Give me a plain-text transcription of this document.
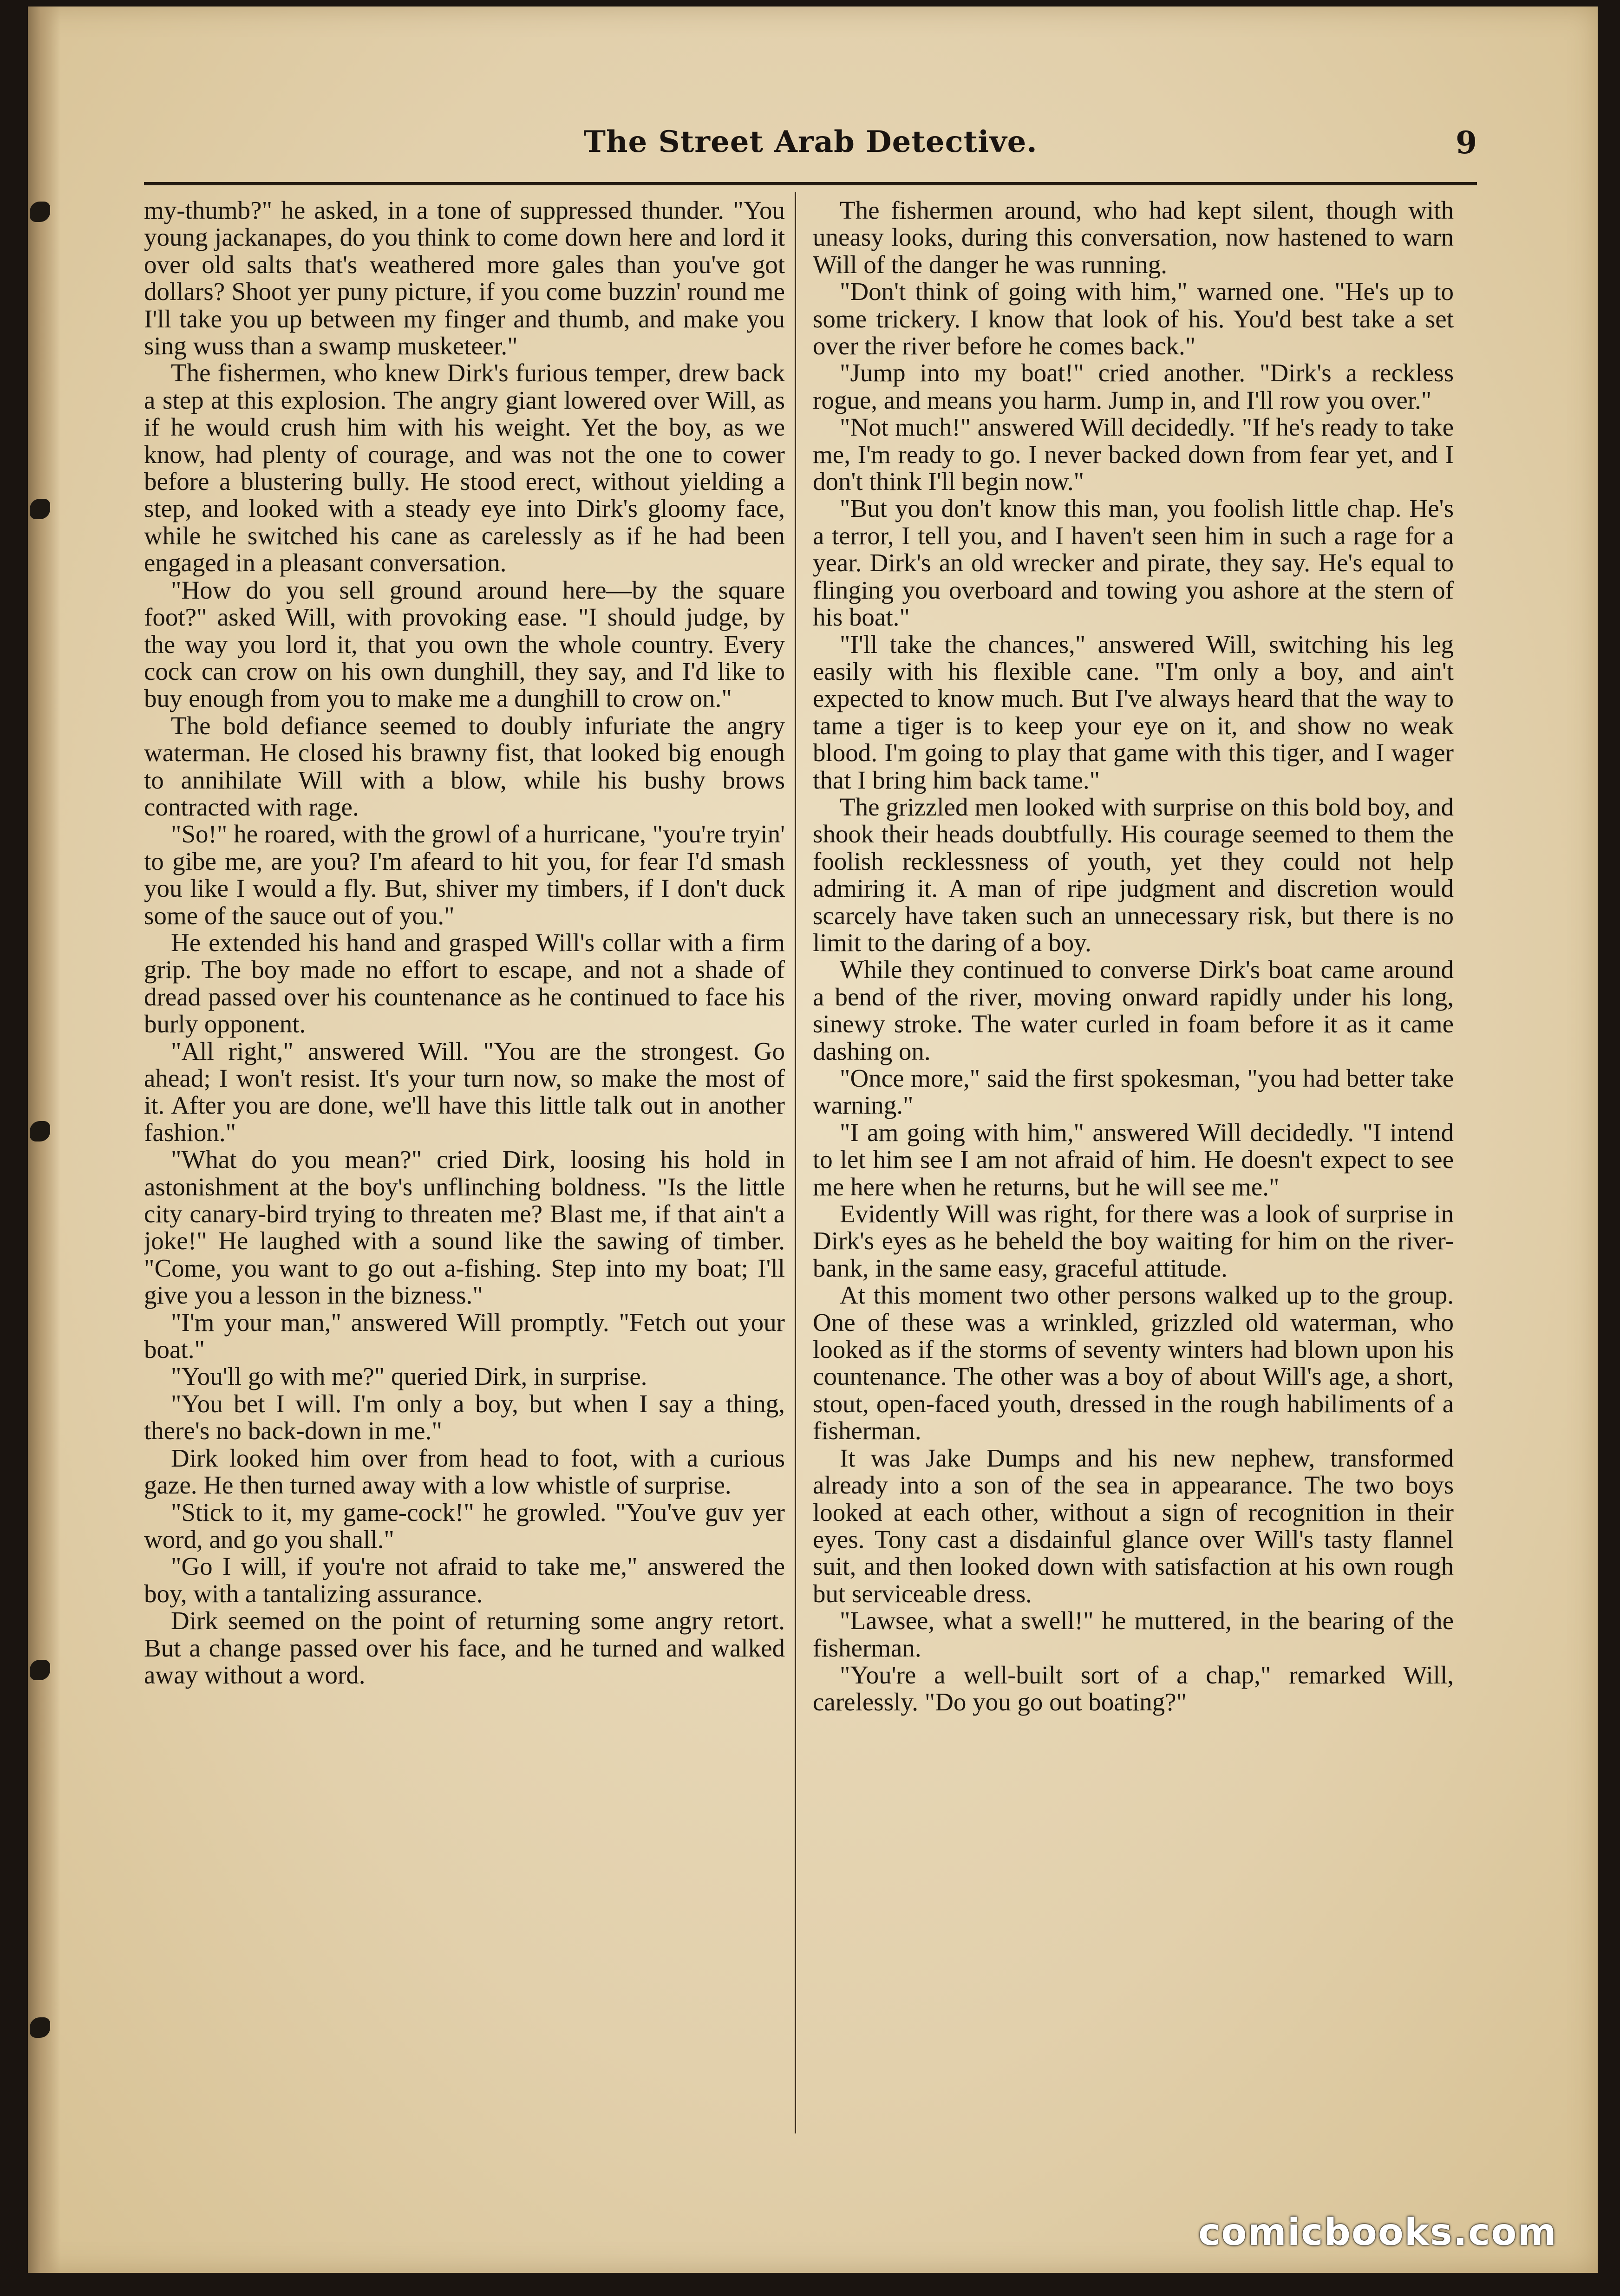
The Street Arab Detective.	9

my-thumb?" he asked, in a tone of suppressed thunder. "You young jackanapes, do you think to come down here and lord it over old salts that's weathered more gales than you've got dollars? Shoot yer puny picture, if you come buzzin' round me I'll take you up between my finger and thumb, and make you sing wuss than a swamp musketeer."

The fishermen, who knew Dirk's furious temper, drew back a step at this explosion. The angry giant lowered over Will, as if he would crush him with his weight. Yet the boy, as we know, had plenty of courage, and was not the one to cower before a blustering bully. He stood erect, without yielding a step, and looked with a steady eye into Dirk's gloomy face, while he switched his cane as carelessly as if he had been engaged in a pleasant conversation.

"How do you sell ground around here—by the square foot?" asked Will, with provoking ease. "I should judge, by the way you lord it, that you own the whole country. Every cock can crow on his own dunghill, they say, and I'd like to buy enough from you to make me a dunghill to crow on."

The bold defiance seemed to doubly infuriate the angry waterman. He closed his brawny fist, that looked big enough to annihilate Will with a blow, while his bushy brows contracted with rage.

"So!" he roared, with the growl of a hurricane, "you're tryin' to gibe me, are you? I'm afeard to hit you, for fear I'd smash you like I would a fly. But, shiver my timbers, if I don't duck some of the sauce out of you."

He extended his hand and grasped Will's collar with a firm grip. The boy made no effort to escape, and not a shade of dread passed over his countenance as he continued to face his burly opponent.

"All right," answered Will. "You are the strongest. Go ahead; I won't resist. It's your turn now, so make the most of it. After you are done, we'll have this little talk out in another fashion."

"What do you mean?" cried Dirk, loosing his hold in astonishment at the boy's unflinching boldness. "Is the little city canary-bird trying to threaten me? Blast me, if that ain't a joke!" He laughed with a sound like the sawing of timber. "Come, you want to go out a-fishing. Step into my boat; I'll give you a lesson in the bizness."

"I'm your man," answered Will promptly. "Fetch out your boat."

"You'll go with me?" queried Dirk, in surprise.

"You bet I will. I'm only a boy, but when I say a thing, there's no back-down in me."

Dirk looked him over from head to foot, with a curious gaze. He then turned away with a low whistle of surprise.

"Stick to it, my game-cock!" he growled. "You've guv yer word, and go you shall."

"Go I will, if you're not afraid to take me," answered the boy, with a tantalizing assurance.

Dirk seemed on the point of returning some angry retort. But a change passed over his face, and he turned and walked away without a word.

The fishermen around, who had kept silent, though with uneasy looks, during this conversation, now hastened to warn Will of the danger he was running.

"Don't think of going with him," warned one. "He's up to some trickery. I know that look of his. You'd best take a set over the river before he comes back."

"Jump into my boat!" cried another. "Dirk's a reckless rogue, and means you harm. Jump in, and I'll row you over."

"Not much!" answered Will decidedly. "If he's ready to take me, I'm ready to go. I never backed down from fear yet, and I don't think I'll begin now."

"But you don't know this man, you foolish little chap. He's a terror, I tell you, and I haven't seen him in such a rage for a year. Dirk's an old wrecker and pirate, they say. He's equal to flinging you overboard and towing you ashore at the stern of his boat."

"I'll take the chances," answered Will, switching his leg easily with his flexible cane. "I'm only a boy, and ain't expected to know much. But I've always heard that the way to tame a tiger is to keep your eye on it, and show no weak blood. I'm going to play that game with this tiger, and I wager that I bring him back tame."

The grizzled men looked with surprise on this bold boy, and shook their heads doubtfully. His courage seemed to them the foolish recklessness of youth, yet they could not help admiring it. A man of ripe judgment and discretion would scarcely have taken such an unnecessary risk, but there is no limit to the daring of a boy.

While they continued to converse Dirk's boat came around a bend of the river, moving onward rapidly under his long, sinewy stroke. The water curled in foam before it as it came dashing on.

"Once more," said the first spokesman, "you had better take warning."

"I am going with him," answered Will decidedly. "I intend to let him see I am not afraid of him. He doesn't expect to see me here when he returns, but he will see me."

Evidently Will was right, for there was a look of surprise in Dirk's eyes as he beheld the boy waiting for him on the river-bank, in the same easy, graceful attitude.

At this moment two other persons walked up to the group. One of these was a wrinkled, grizzled old waterman, who looked as if the storms of seventy winters had blown upon his countenance. The other was a boy of about Will's age, a short, stout, open-faced youth, dressed in the rough habiliments of a fisherman.

It was Jake Dumps and his new nephew, transformed already into a son of the sea in appearance. The two boys looked at each other, without a sign of recognition in their eyes. Tony cast a disdainful glance over Will's tasty flannel suit, and then looked down with satisfaction at his own rough but serviceable dress.

"Lawsee, what a swell!" he muttered, in the bearing of the fisherman.

"You're a well-built sort of a chap," remarked Will, carelessly. "Do you go out boating?"

comicbooks.com
